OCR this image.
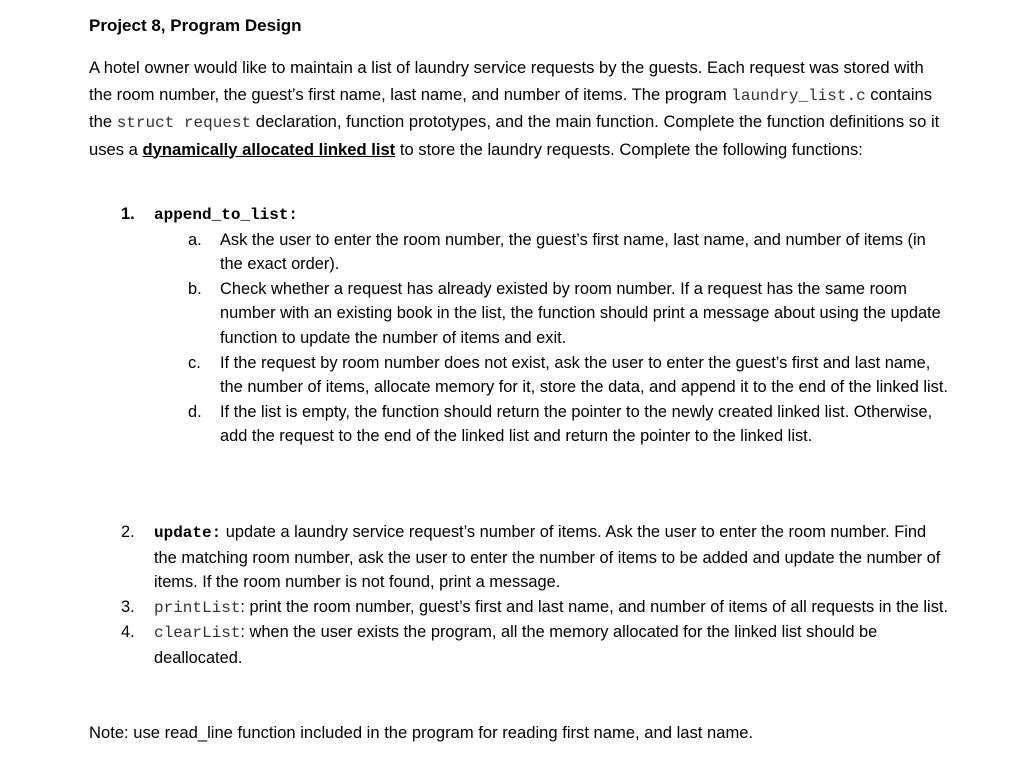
Project 8, Program Design

A hotel owner would like to maintain a list of laundry service requests by the guests. Each request was stored with the room number, the guest’s first name, last name, and number of items. The program laundry_list.c contains the struct request declaration, function prototypes, and the main function. Complete the function definitions so it uses a dynamically allocated linked list to store the laundry requests. Complete the following functions:

1. append_to_list:
a. Ask the user to enter the room number, the guest’s first name, last name, and number of items (in the exact order).
b. Check whether a request has already existed by room number. If a request has the same room number with an existing book in the list, the function should print a message about using the update function to update the number of items and exit.
c. If the request by room number does not exist, ask the user to enter the guest’s first and last name, the number of items, allocate memory for it, store the data, and append it to the end of the linked list.
d. If the list is empty, the function should return the pointer to the newly created linked list. Otherwise, add the request to the end of the linked list and return the pointer to the linked list.
2. update: update a laundry service request’s number of items. Ask the user to enter the room number. Find the matching room number, ask the user to enter the number of items to be added and update the number of items. If the room number is not found, print a message.
3. printList: print the room number, guest’s first and last name, and number of items of all requests in the list.
4. clearList: when the user exists the program, all the memory allocated for the linked list should be deallocated.
Note: use read_line function included in the program for reading first name, and last name.
